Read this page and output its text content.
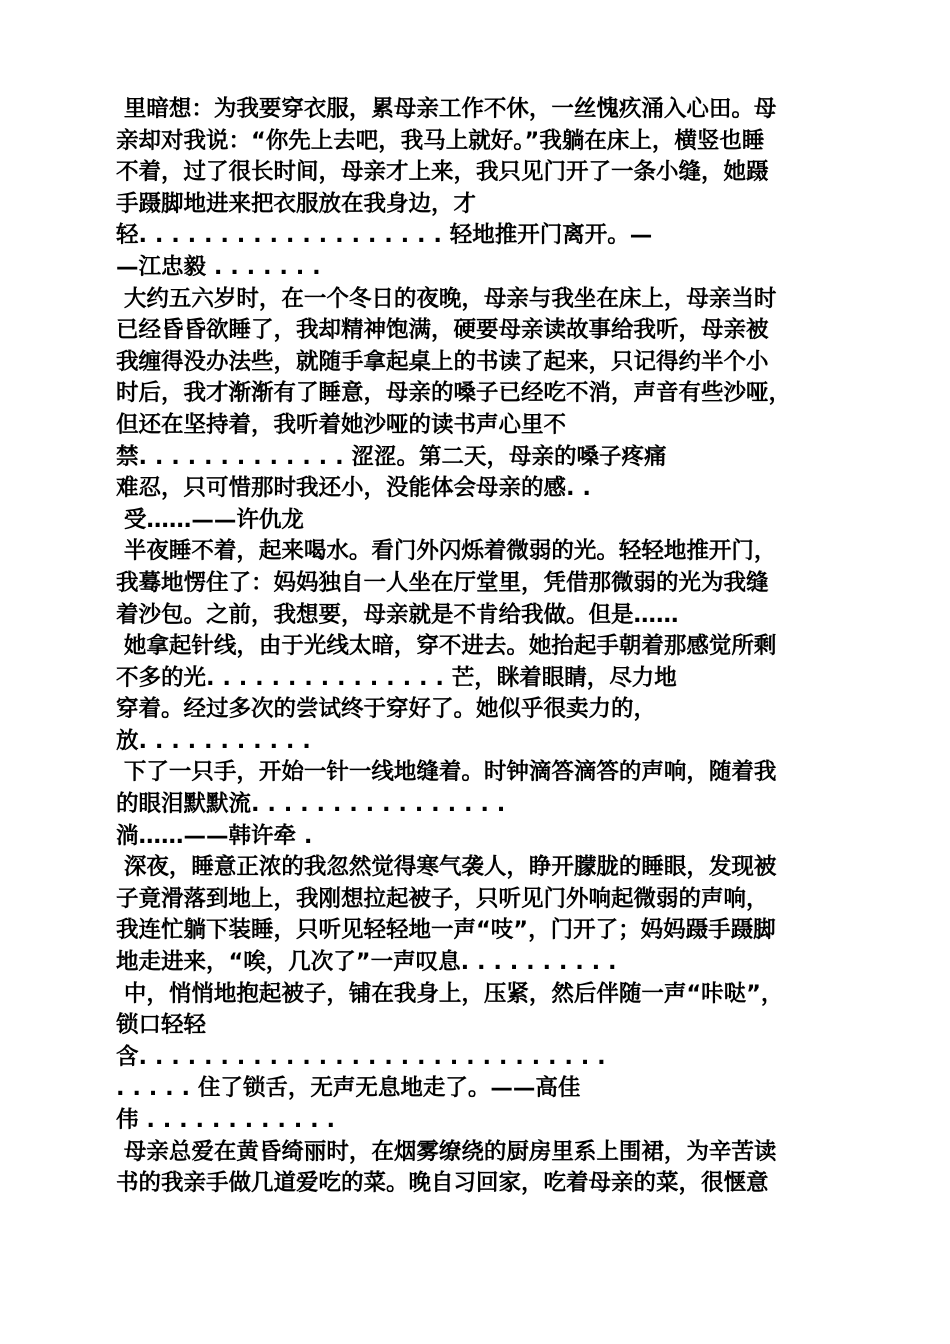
里暗想：为我要穿衣服，累母亲工作不休，一丝愧疚涌入心田。母
亲却对我说：“你先上去吧，我马上就好。”我躺在床上，横竖也睡
不着，过了很长时间，母亲才上来，我只见门开了一条小缝，她蹑
手蹑脚地进来把衣服放在我身边，才
轻. . . . . . . . . . . . . . . . . . . 轻地推开门离开。—
—江忠毅 . . . . . . .
大约五六岁时，在一个冬日的夜晚，母亲与我坐在床上，母亲当时
已经昏昏欲睡了，我却精神饱满，硬要母亲读故事给我听，母亲被
我缠得没办法些，就随手拿起桌上的书读了起来，只记得约半个小
时后，我才渐渐有了睡意，母亲的嗓子已经吃不消，声音有些沙哑，
但还在坚持着，我听着她沙哑的读书声心里不
禁. . . . . . . . . . . . . 涩涩。第二天，母亲的嗓子疼痛
难忍，只可惜那时我还小，没能体会母亲的感. .
受……——许仇龙
半夜睡不着，起来喝水。看门外闪烁着微弱的光。轻轻地推开门，
我蓦地愣住了：妈妈独自一人坐在厅堂里，凭借那微弱的光为我缝
着沙包。之前，我想要，母亲就是不肯给我做。但是……
她拿起针线，由于光线太暗，穿不进去。她抬起手朝着那感觉所剩
不多的光. . . . . . . . . . . . . . . 芒，眯着眼睛，尽力地
穿着。经过多次的尝试终于穿好了。她似乎很卖力的，
放. . . . . . . . . . .
下了一只手，开始一针一线地缝着。时钟滴答滴答的声响，随着我
的眼泪默默流. . . . . . . . . . . . . . . .
淌……——韩许牵 .
深夜，睡意正浓的我忽然觉得寒气袭人，睁开朦胧的睡眼，发现被
子竟滑落到地上，我刚想拉起被子，只听见门外响起微弱的声响，
我连忙躺下装睡，只听见轻轻地一声“吱”，门开了；妈妈蹑手蹑脚
地走进来，“唉，几次了”一声叹息. . . . . . . . . .
中，悄悄地抱起被子，铺在我身上，压紧，然后伴随一声“咔哒”，
锁口轻轻
含. . . . . . . . . . . . . . . . . . . . . . . . . . . . .
. . . . . 住了锁舌，无声无息地走了。——高佳
伟 . . . . . . . . . . . .
母亲总爱在黄昏绮丽时，在烟雾缭绕的厨房里系上围裙，为辛苦读
书的我亲手做几道爱吃的菜。晚自习回家，吃着母亲的菜，很惬意
